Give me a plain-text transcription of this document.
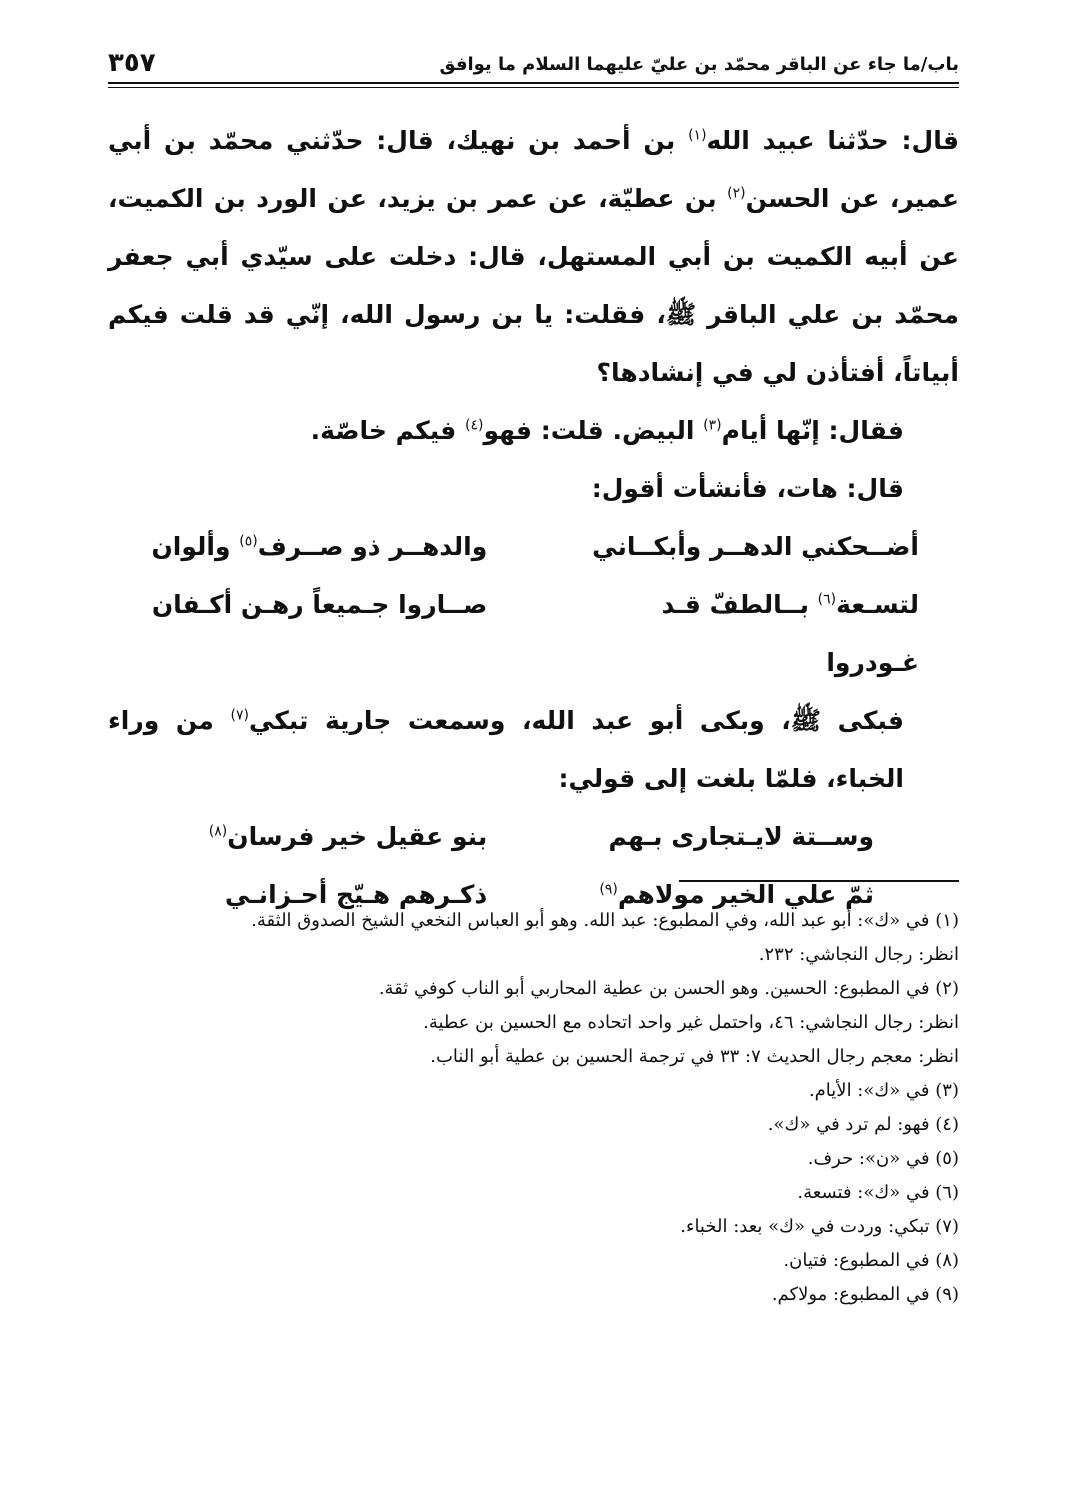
٣٥٧	باب/ما جاء عن الباقر محمّد بن عليّ عليهما السلام ما يوافق

قال: حدّثنا عبيد الله$^{(١)}$ بن أحمد بن نهيك، قال: حدّثني محمّد بن أبي عمير، عن الحسن$^{(٢)}$ بن عطيّة، عن عمر بن يزيد، عن الورد بن الكميت، عن أبيه الكميت بن أبي المستهل، قال: دخلت على سيّدي أبي جعفر محمّد بن علي الباقر ﷺ، فقلت: يا بن رسول الله، إنّي قد قلت فيكم أبياتاً، أفتأذن لي في إنشادها؟

فقال: إنّها أيام$^{(٣)}$ البيض. قلت: فهو$^{(٤)}$ فيكم خاصّة.

قال: هات، فأنشأت أقول:

أضــحكني الدهــر وأبكــاني
والدهــر ذو صــرف$^{(٥)}$ وألوان
لتسـعة$^{(٦)}$ بــالطفّ قـد غـودروا
صــاروا جـميعاً رهـن أكـفان

فبكى ﷺ، وبكى أبو عبد الله، وسمعت جارية تبكي$^{(٧)}$ من وراء الخباء، فلمّا بلغت إلى قولي:

وســتة لايـتجارى بـهم
بنو عقيل خير فرسان$^{(٨)}$
ثمّ علي الخير مولاهم$^{(٩)}$
ذكـرهم هـيّج أحـزانـي
(١) في «ك»: أبو عبد الله، وفي المطبوع: عبد الله. وهو أبو العباس النخعي الشيخ الصدوق الثقة.
انظر: رجال النجاشي: ٢٣٢.
(٢) في المطبوع: الحسين. وهو الحسن بن عطية المحاربي أبو الناب كوفي ثقة.
انظر: رجال النجاشي: ٤٦، واحتمل غير واحد اتحاده مع الحسين بن عطية.
انظر: معجم رجال الحديث ٧: ٣٣ في ترجمة الحسين بن عطية أبو الناب.
(٣) في «ك»: الأيام.
(٤) فهو: لم ترد في «ك».
(٥) في «ن»: حرف.
(٦) في «ك»: فتسعة.
(٧) تبكي: وردت في «ك» بعد: الخباء.
(٨) في المطبوع: فتيان.
(٩) في المطبوع: مولاكم.
